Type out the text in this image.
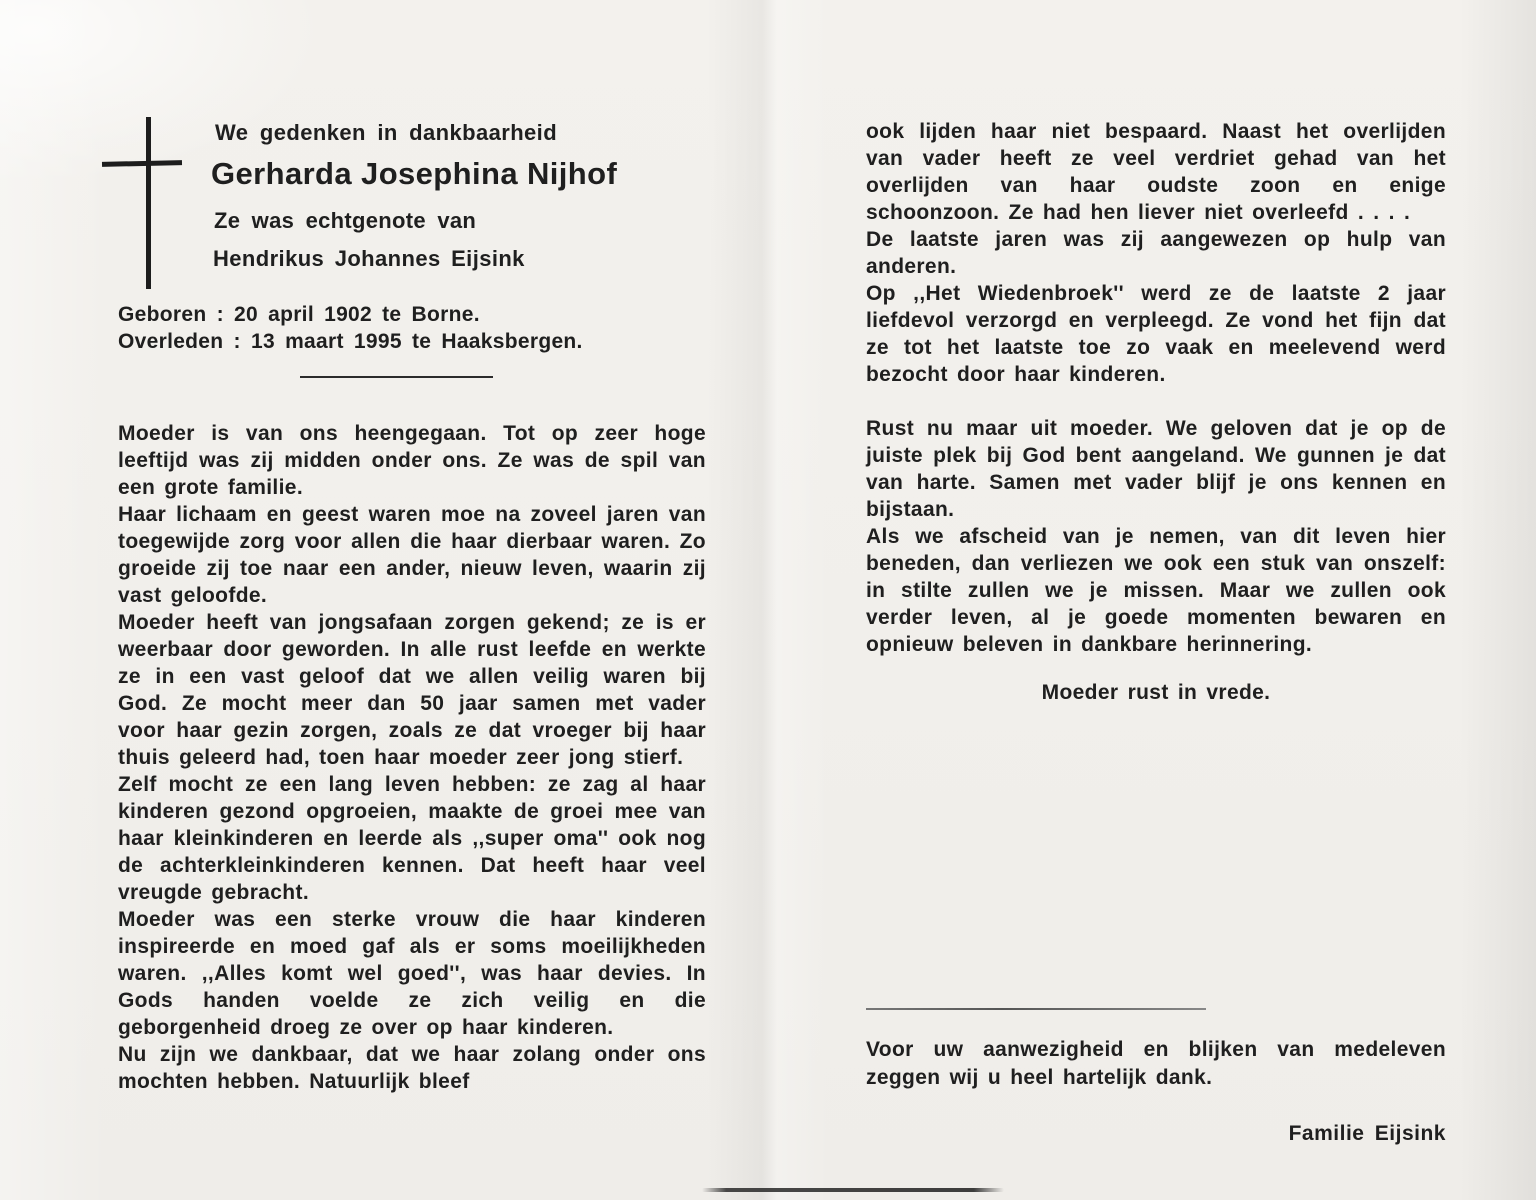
We gedenken in dankbaarheid
Gerharda Josephina Nijhof
Ze was echtgenote van
Hendrikus Johannes Eijsink
Geboren : 20 april 1902 te Borne.
Overleden : 13 maart 1995 te Haaksbergen.

Moeder is van ons heengegaan. Tot op zeer hoge leeftijd was zij midden onder ons. Ze was de spil van een grote familie.

Haar lichaam en geest waren moe na zoveel jaren van toegewijde zorg voor allen die haar dierbaar waren. Zo groeide zij toe naar een ander, nieuw leven, waarin zij vast geloofde.

Moeder heeft van jongsafaan zorgen gekend; ze is er weerbaar door geworden. In alle rust leefde en werkte ze in een vast geloof dat we allen veilig waren bij God. Ze mocht meer dan 50 jaar samen met vader voor haar gezin zorgen, zoals ze dat vroeger bij haar thuis geleerd had, toen haar moeder zeer jong stierf.

Zelf mocht ze een lang leven hebben: ze zag al haar kinderen gezond opgroeien, maakte de groei mee van haar kleinkinderen en leerde als ,,super oma'' ook nog de achterkleinkinderen kennen. Dat heeft haar veel vreugde gebracht.

Moeder was een sterke vrouw die haar kinderen inspireerde en moed gaf als er soms moeilijkheden waren. ,,Alles komt wel goed'', was haar devies. In Gods handen voelde ze zich veilig en die geborgenheid droeg ze over op haar kinderen.

Nu zijn we dankbaar, dat we haar zolang onder ons mochten hebben. Natuurlijk bleef

ook lijden haar niet bespaard. Naast het overlijden van vader heeft ze veel verdriet gehad van het overlijden van haar oudste zoon en enige schoonzoon. Ze had hen liever niet overleefd . . . .

De laatste jaren was zij aangewezen op hulp van anderen.

Op ,,Het Wiedenbroek'' werd ze de laatste 2 jaar liefdevol verzorgd en verpleegd. Ze vond het fijn dat ze tot het laatste toe zo vaak en meelevend werd bezocht door haar kinderen.

Rust nu maar uit moeder. We geloven dat je op de juiste plek bij God bent aangeland. We gunnen je dat van harte. Samen met vader blijf je ons kennen en bijstaan.

Als we afscheid van je nemen, van dit leven hier beneden, dan verliezen we ook een stuk van onszelf: in stilte zullen we je missen. Maar we zullen ook verder leven, al je goede momenten bewaren en opnieuw beleven in dankbare herinnering.

Moeder rust in vrede.

Voor uw aanwezigheid en blijken van medeleven zeggen wij u heel hartelijk dank.

Familie Eijsink
